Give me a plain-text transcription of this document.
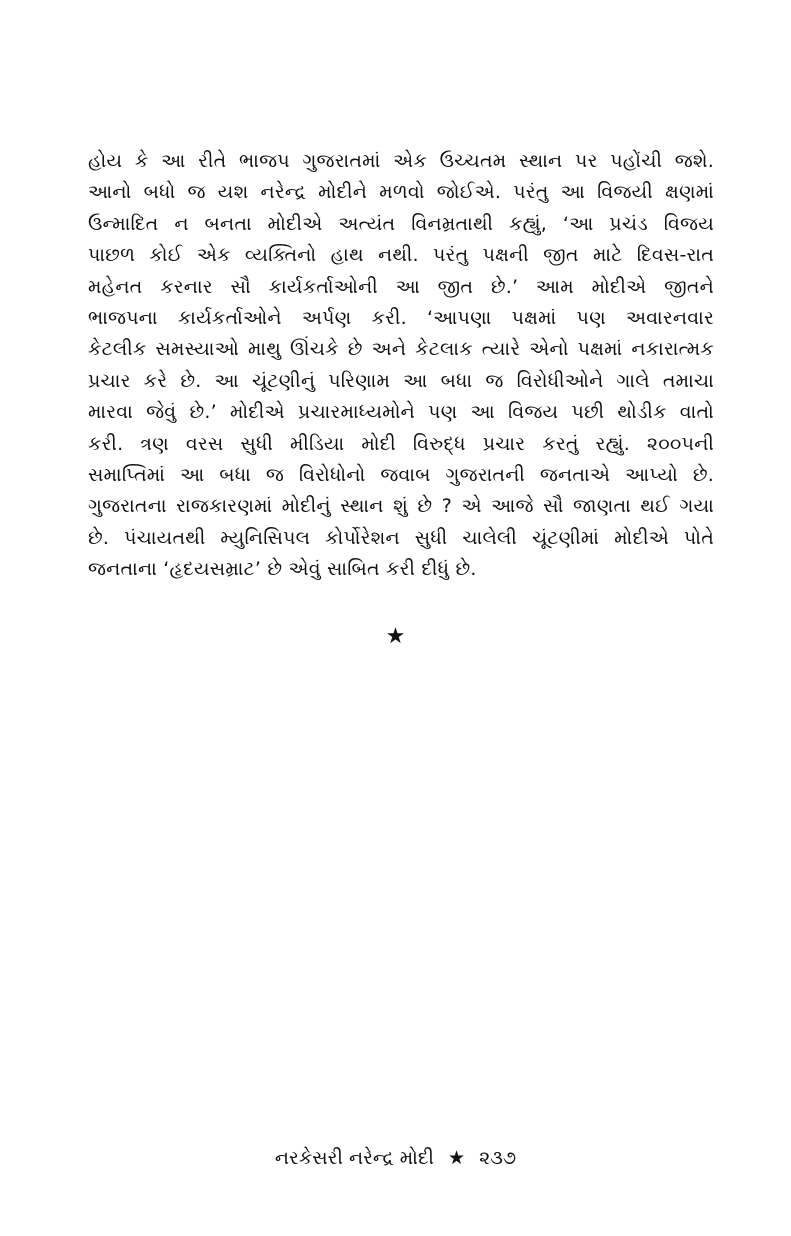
હોય કે આ રીતે ભાજપ ગુજરાતમાં એક ઉચ્ચતમ સ્થાન પર પહોંચી જશે.
આનો બધો જ યશ નરેન્દ્ર મોદીને મળવો જોઈએ. પરંતુ આ વિજયી ક્ષણમાં
ઉન્માદિત ન બનતા મોદીએ અત્યંત વિનમ્રતાથી કહ્યું, ‘આ પ્રચંડ વિજય
પાછળ કોઈ એક વ્યક્તિનો હાથ નથી. પરંતુ પક્ષની જીત માટે દિવસ-રાત
મહેનત કરનાર સૌ કાર્યકર્તાઓની આ જીત છે.’ આમ મોદીએ જીતને
ભાજપના કાર્યકર્તાઓને અર્પણ કરી. ‘આપણા પક્ષમાં પણ અવારનવાર
કેટલીક સમસ્યાઓ માથુ ઊંચકે છે અને કેટલાક ત્યારે એનો પક્ષમાં નકારાત્મક
પ્રચાર કરે છે. આ ચૂંટણીનું પરિણામ આ બધા જ વિરોધીઓને ગાલે તમાચા
મારવા જેવું છે.’ મોદીએ પ્રચારમાધ્યમોને પણ આ વિજય પછી થોડીક વાતો
કરી. ત્રણ વરસ સુધી મીડિયા મોદી વિરુદ્ધ પ્રચાર કરતું રહ્યું. ૨૦૦૫ની
સમાપ્તિમાં આ બધા જ વિરોધોનો જવાબ ગુજરાતની જનતાએ આપ્યો છે.
ગુજરાતના રાજકારણમાં મોદીનું સ્થાન શું છે ? એ આજે સૌ જાણતા થઈ ગયા
છે. પંચાયતથી મ્યુનિસિપલ કોર્પોરેશન સુધી ચાલેલી ચૂંટણીમાં મોદીએ પોતે
જનતાના ‘હૃદયસમ્રાટ’ છે એવું સાબિત કરી દીધું છે.
★
નરકેસરી નરેન્દ્ર મોદી ★ ૨૩૭
